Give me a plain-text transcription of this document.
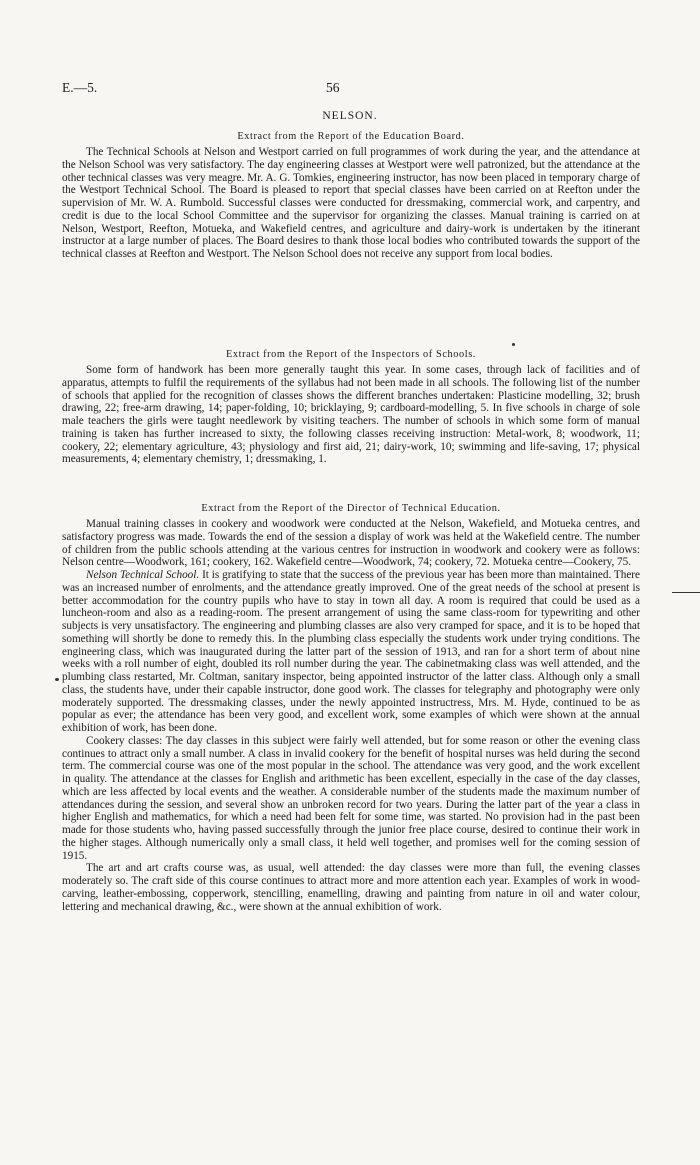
E.—5.	56
NELSON.
Extract from the Report of the Education Board.

The Technical Schools at Nelson and Westport carried on full programmes of work during the year, and the attendance at the Nelson School was very satisfactory. The day engineering classes at Westport were well patronized, but the attendance at the other technical classes was very meagre. Mr. A. G. Tomkies, engineering instructor, has now been placed in temporary charge of the Westport Technical School. The Board is pleased to report that special classes have been carried on at Reefton under the supervision of Mr. W. A. Rumbold. Successful classes were conducted for dressmaking, commercial work, and carpentry, and credit is due to the local School Committee and the supervisor for organizing the classes. Manual training is carried on at Nelson, Westport, Reefton, Motueka, and Wakefield centres, and agriculture and dairy-work is undertaken by the itinerant instructor at a large number of places. The Board desires to thank those local bodies who contributed towards the support of the technical classes at Reefton and Westport. The Nelson School does not receive any support from local bodies.

Extract from the Report of the Inspectors of Schools.

Some form of handwork has been more generally taught this year. In some cases, through lack of facilities and of apparatus, attempts to fulfil the requirements of the syllabus had not been made in all schools. The following list of the number of schools that applied for the recognition of classes shows the different branches undertaken: Plasticine modelling, 32; brush drawing, 22; free-arm drawing, 14; paper-folding, 10; bricklaying, 9; cardboard-modelling, 5. In five schools in charge of sole male teachers the girls were taught needlework by visiting teachers. The number of schools in which some form of manual training is taken has further increased to sixty, the following classes receiving instruction: Metal-work, 8; woodwork, 11; cookery, 22; elementary agriculture, 43; physiology and first aid, 21; dairy-work, 10; swimming and life-saving, 17; physical measurements, 4; elementary chemistry, 1; dressmaking, 1.

Extract from the Report of the Director of Technical Education.

Manual training classes in cookery and woodwork were conducted at the Nelson, Wakefield, and Motueka centres, and satisfactory progress was made. Towards the end of the session a display of work was held at the Wakefield centre. The number of children from the public schools attending at the various centres for instruction in woodwork and cookery were as follows: Nelson centre—Woodwork, 161; cookery, 162. Wakefield centre—Woodwork, 74; cookery, 72. Motueka centre—Cookery, 75.

Nelson Technical School. It is gratifying to state that the success of the previous year has been more than maintained. There was an increased number of enrolments, and the attendance greatly improved. One of the great needs of the school at present is better accommodation for the country pupils who have to stay in town all day. A room is required that could be used as a luncheon-room and also as a reading-room. The present arrangement of using the same class-room for typewriting and other subjects is very unsatisfactory. The engineering and plumbing classes are also very cramped for space, and it is to be hoped that something will shortly be done to remedy this. In the plumbing class especially the students work under trying conditions. The engineering class, which was inaugurated during the latter part of the session of 1913, and ran for a short term of about nine weeks with a roll number of eight, doubled its roll number during the year. The cabinetmaking class was well attended, and the plumbing class restarted, Mr. Coltman, sanitary inspector, being appointed instructor of the latter class. Although only a small class, the students have, under their capable instructor, done good work. The classes for telegraphy and photography were only moderately supported. The dressmaking classes, under the newly appointed instructress, Mrs. M. Hyde, continued to be as popular as ever; the attendance has been very good, and excellent work, some examples of which were shown at the annual exhibition of work, has been done.

Cookery classes: The day classes in this subject were fairly well attended, but for some reason or other the evening class continues to attract only a small number. A class in invalid cookery for the benefit of hospital nurses was held during the second term. The commercial course was one of the most popular in the school. The attendance was very good, and the work excellent in quality. The attendance at the classes for English and arithmetic has been excellent, especially in the case of the day classes, which are less affected by local events and the weather. A considerable number of the students made the maximum number of attendances during the session, and several show an unbroken record for two years. During the latter part of the year a class in higher English and mathematics, for which a need had been felt for some time, was started. No provision had in the past been made for those students who, having passed successfully through the junior free place course, desired to continue their work in the higher stages. Although numerically only a small class, it held well together, and promises well for the coming session of 1915.

The art and art crafts course was, as usual, well attended: the day classes were more than full, the evening classes moderately so. The craft side of this course continues to attract more and more attention each year. Examples of work in wood-carving, leather-embossing, copperwork, stencilling, enamelling, drawing and painting from nature in oil and water colour, lettering and mechanical drawing, &c., were shown at the annual exhibition of work.
